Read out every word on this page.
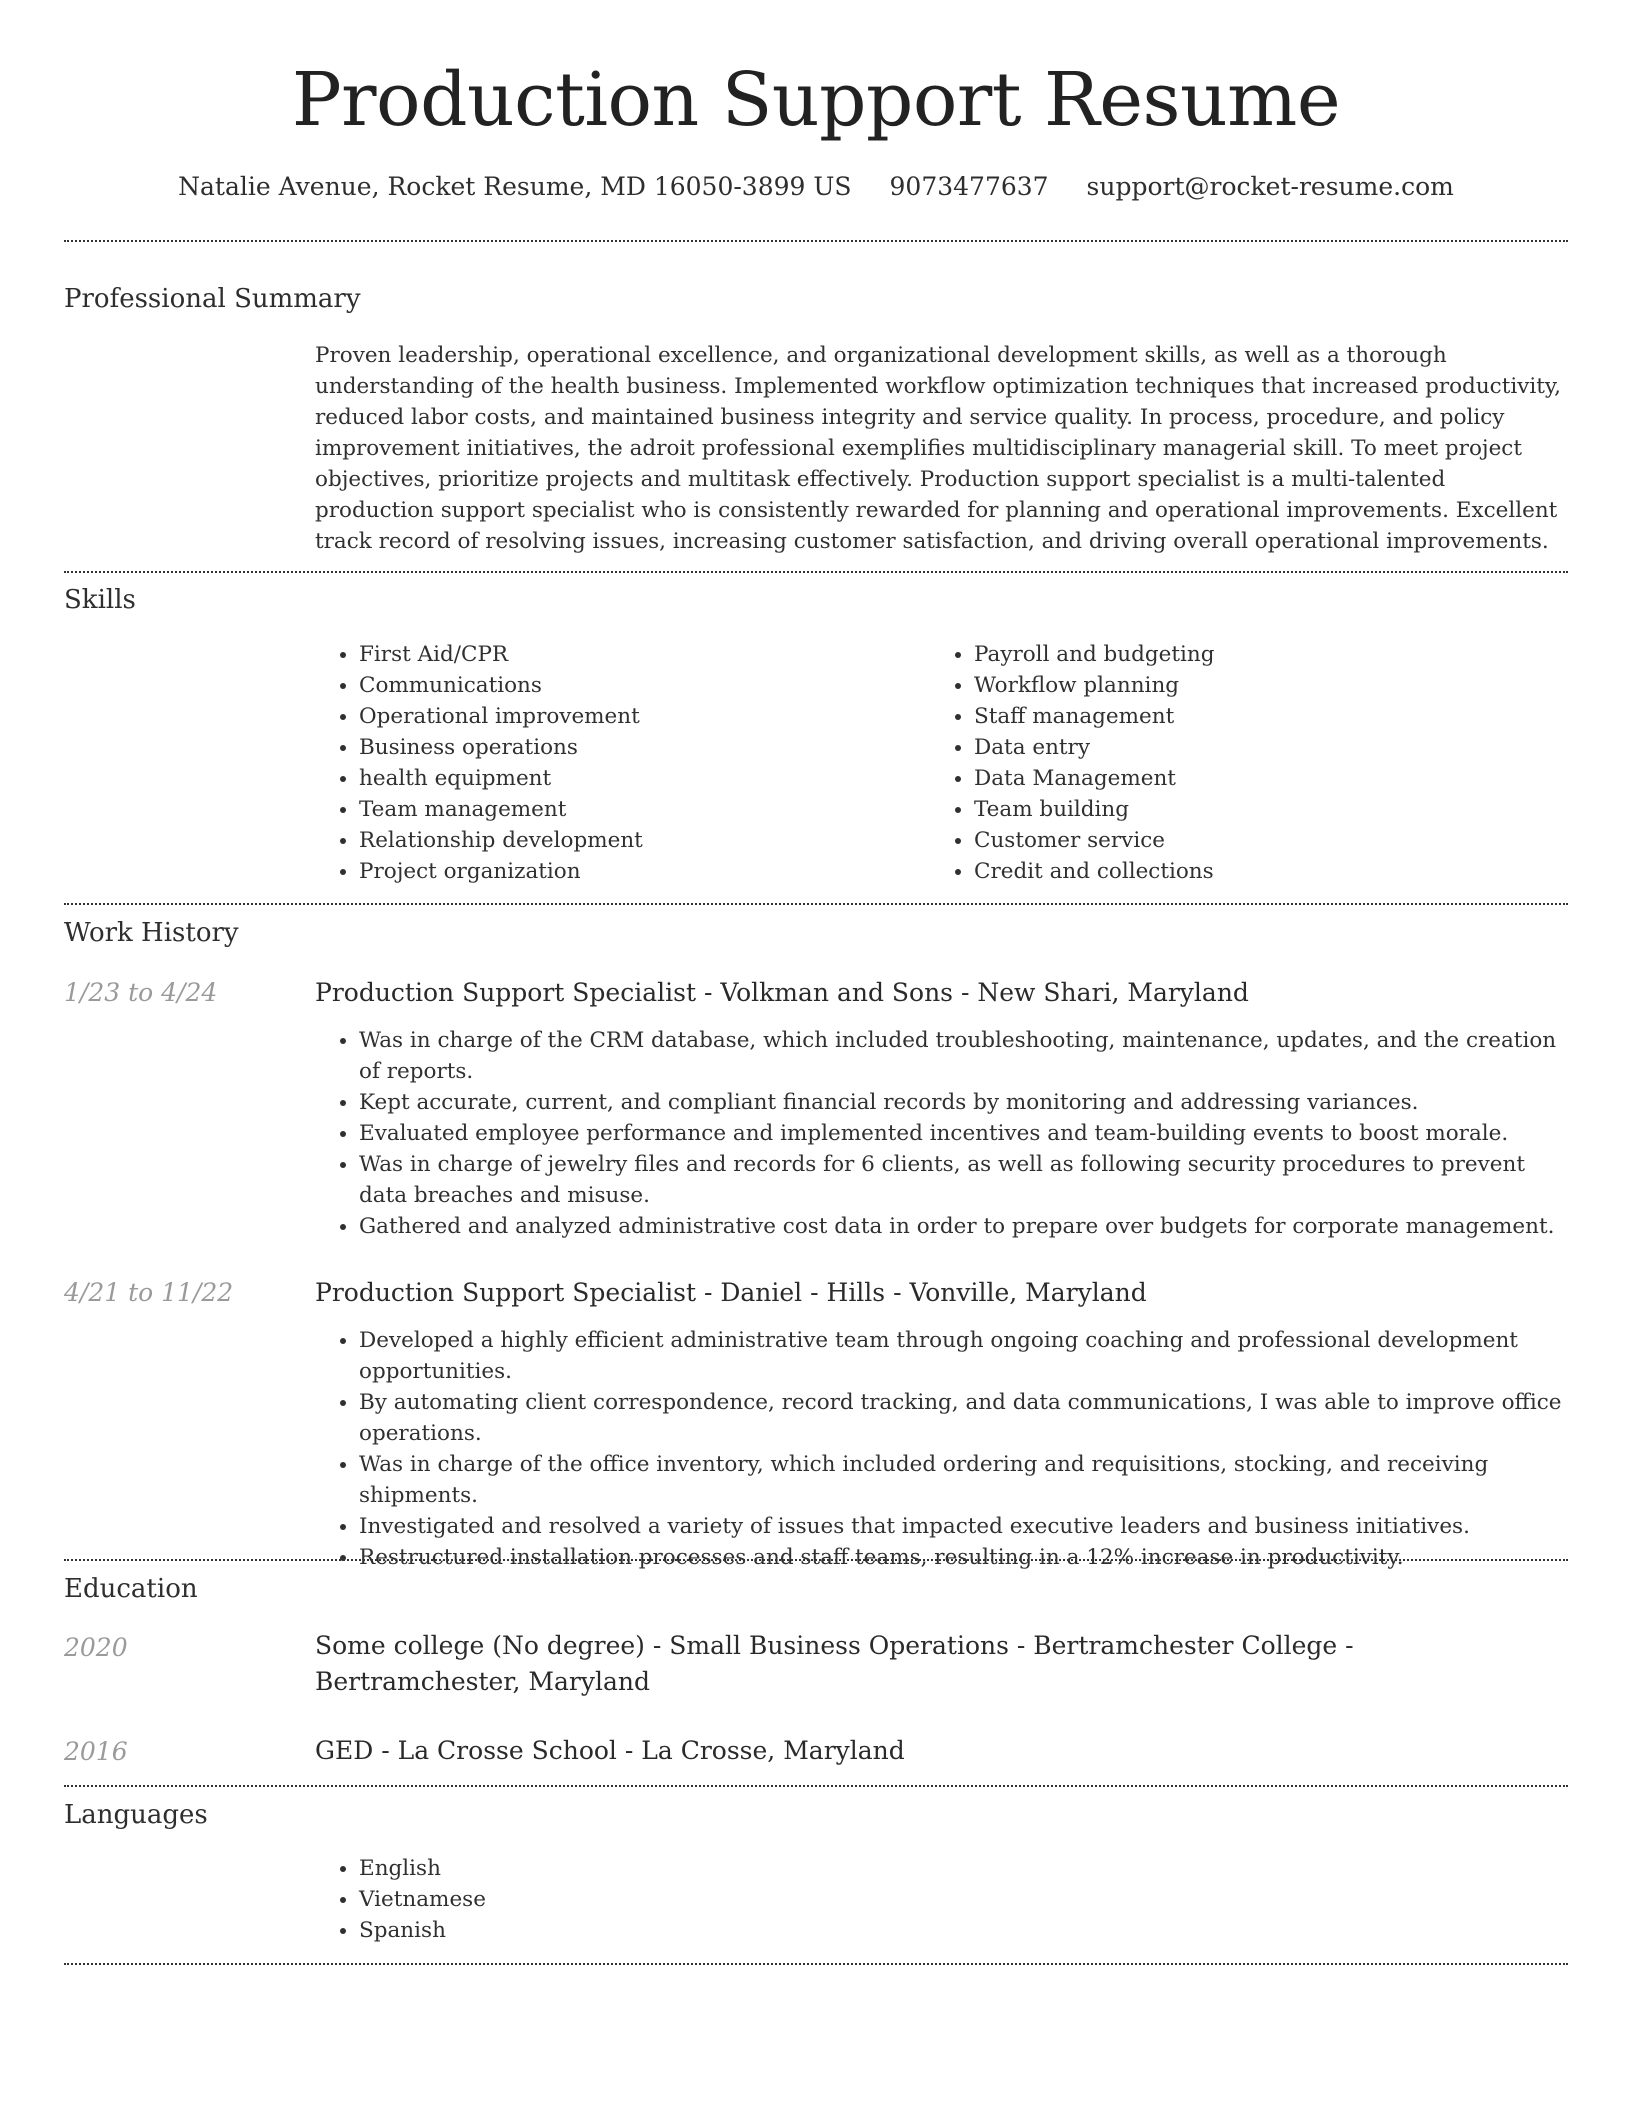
Production Support Resume
Natalie Avenue, Rocket Resume, MD 16050-3899 US 9073477637 support@rocket-resume.com
Professional Summary
Proven leadership, operational excellence, and organizational development skills, as well as a thorough understanding of the health business. Implemented workflow optimization techniques that increased productivity, reduced labor costs, and maintained business integrity and service quality. In process, procedure, and policy improvement initiatives, the adroit professional exemplifies multidisciplinary managerial skill. To meet project objectives, prioritize projects and multitask effectively. Production support specialist is a multi-talented production support specialist who is consistently rewarded for planning and operational improvements. Excellent track record of resolving issues, increasing customer satisfaction, and driving overall operational improvements.
Skills
• First Aid/CPR
• Communications
• Operational improvement
• Business operations
• health equipment
• Team management
• Relationship development
• Project organization
• Payroll and budgeting
• Workflow planning
• Staff management
• Data entry
• Data Management
• Team building
• Customer service
• Credit and collections
Work History
1/23 to 4/24	Production Support Specialist - Volkman and Sons - New Shari, Maryland
• Was in charge of the CRM database, which included troubleshooting, maintenance, updates, and the creation of reports.
• Kept accurate, current, and compliant financial records by monitoring and addressing variances.
• Evaluated employee performance and implemented incentives and team-building events to boost morale.
• Was in charge of jewelry files and records for 6 clients, as well as following security procedures to prevent data breaches and misuse.
• Gathered and analyzed administrative cost data in order to prepare over budgets for corporate management.
4/21 to 11/22	Production Support Specialist - Daniel - Hills - Vonville, Maryland
• Developed a highly efficient administrative team through ongoing coaching and professional development opportunities.
• By automating client correspondence, record tracking, and data communications, I was able to improve office operations.
• Was in charge of the office inventory, which included ordering and requisitions, stocking, and receiving shipments.
• Investigated and resolved a variety of issues that impacted executive leaders and business initiatives.
• Restructured installation processes and staff teams, resulting in a 12% increase in productivity.
Education
2020	Some college (No degree) - Small Business Operations - Bertramchester College - Bertramchester, Maryland
2016	GED - La Crosse School - La Crosse, Maryland
Languages
• English
• Vietnamese
• Spanish
